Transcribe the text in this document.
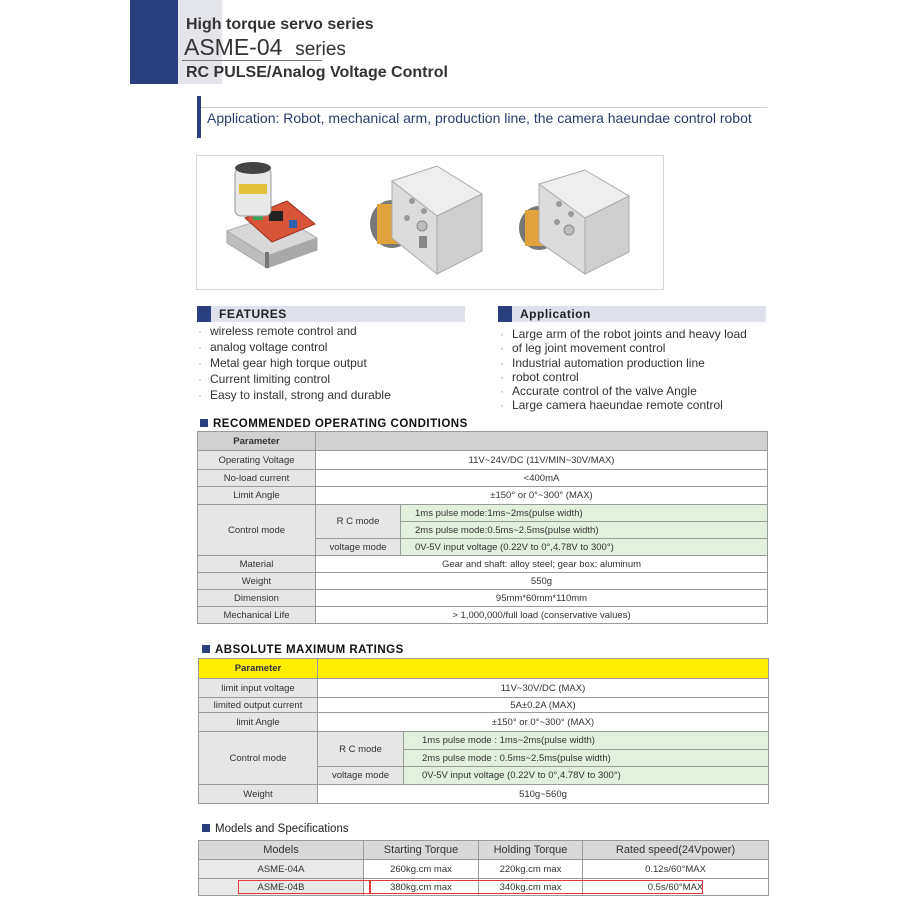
High torque servo series
ASME-04 series
RC PULSE/Analog Voltage Control
Application: Robot, mechanical arm, production line, the camera haeundae control robot
FEATURES
· wireless remote control and
· analog voltage control
· Metal gear high torque output
· Current limiting control
· Easy to install, strong and durable
Application
· Large arm of the robot joints and heavy load
· of leg joint movement control
· Industrial automation production line
· robot control
· Accurate control of the valve Angle
· Large camera haeundae remote control
RECOMMENDED OPERATING CONDITIONS
Parameter		
Operating Voltage	11V~24V/DC (11V/MIN~30V/MAX)	
No-load current	<400mA	
Limit Angle	±150° or 0°~300° (MAX)	
Control mode	R C mode	1ms pulse mode:1ms~2ms(pulse width)
		2ms pulse mode:0.5ms~2.5ms(pulse width)
	voltage mode	0V-5V input voltage (0.22V to 0°,4.78V to 300°)
Material	Gear and shaft: alloy steel; gear box: aluminum	
Weight	550g	
Dimension	95mm*60mm*110mm	
Mechanical Life	> 1,000,000/full load (conservative values)	
ABSOLUTE MAXIMUM RATINGS
Parameter		
limit input voltage	11V~30V/DC (MAX)	
limited output current	5A±0.2A (MAX)	
limit Angle	±150° or 0°~300° (MAX)	
Control mode	R C mode	1ms pulse mode : 1ms~2ms(pulse width)
		2ms pulse mode : 0.5ms~2.5ms(pulse width)
	voltage mode	0V-5V input voltage (0.22V to 0°,4.78V to 300°)
Weight	510g~560g	
Models and Specifications
Models	Starting Torque	Holding Torque	Rated speed(24Vpower)
ASME-04A	260kg.cm max	220kg.cm max	0.12s/60°MAX
ASME-04B	380kg.cm max	340kg.cm max	0.5s/60°MAX
